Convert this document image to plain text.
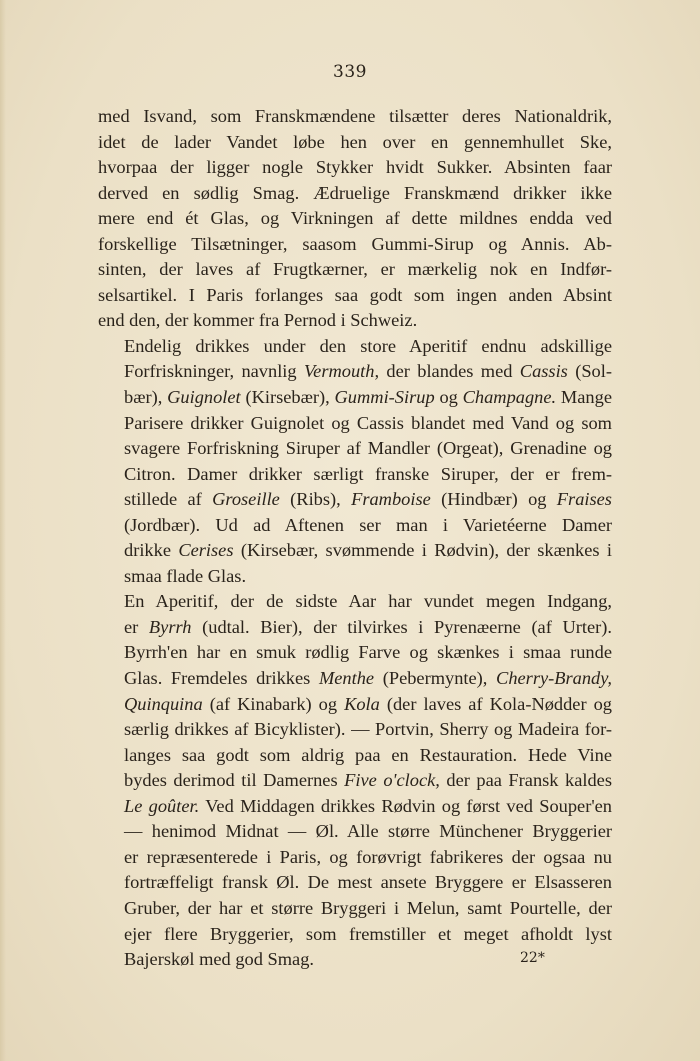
339

med Isvand, som Franskmændene tilsætter deres Nationaldrik,
idet de lader Vandet løbe hen over en gennemhullet Ske,
hvorpaa der ligger nogle Stykker hvidt Sukker. Absinten faar
derved en sødlig Smag. Ædruelige Franskmænd drikker ikke
mere end ét Glas, og Virkningen af dette mildnes endda ved
forskellige Tilsætninger, saasom Gummi-Sirup og Annis. Ab-
sinten, der laves af Frugtkærner, er mærkelig nok en Indfør-
selsartikel. I Paris forlanges saa godt som ingen anden Absint
end den, der kommer fra Pernod i Schweiz.

Endelig drikkes under den store Aperitif endnu adskillige
Forfriskninger, navnlig Vermouth, der blandes med Cassis (Sol-
bær), Guignolet (Kirsebær), Gummi-Sirup og Champagne. Mange
Parisere drikker Guignolet og Cassis blandet med Vand og som
svagere Forfriskning Siruper af Mandler (Orgeat), Grenadine og
Citron. Damer drikker særligt franske Siruper, der er frem-
stillede af Groseille (Ribs), Framboise (Hindbær) og Fraises
(Jordbær). Ud ad Aftenen ser man i Varietéerne Damer
drikke Cerises (Kirsebær, svømmende i Rødvin), der skænkes i
smaa flade Glas.

En Aperitif, der de sidste Aar har vundet megen Indgang,
er Byrrh (udtal. Bier), der tilvirkes i Pyrenæerne (af Urter).
Byrrh'en har en smuk rødlig Farve og skænkes i smaa runde
Glas. Fremdeles drikkes Menthe (Pebermynte), Cherry-Brandy,
Quinquina (af Kinabark) og Kola (der laves af Kola-Nødder og
særlig drikkes af Bicyklister). — Portvin, Sherry og Madeira for-
langes saa godt som aldrig paa en Restauration. Hede Vine
bydes derimod til Damernes Five o'clock, der paa Fransk kaldes
Le goûter. Ved Middagen drikkes Rødvin og først ved Souper'en
— henimod Midnat — Øl. Alle større Münchener Bryggerier
er repræsenterede i Paris, og forøvrigt fabrikeres der ogsaa nu
fortræffeligt fransk Øl. De mest ansete Bryggere er Elsasseren
Gruber, der har et større Bryggeri i Melun, samt Pourtelle, der
ejer flere Bryggerier, som fremstiller et meget afholdt lyst
Bajerskøl med god Smag.	22*
